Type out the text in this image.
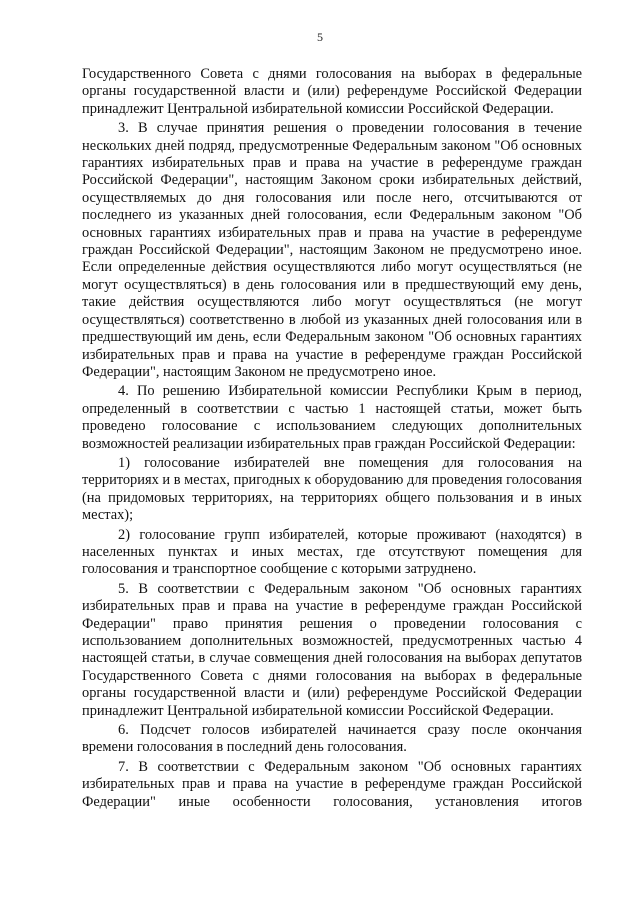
5

Государственного Совета с днями голосования на выборах в федеральные органы государственной власти и (или) референдуме Российской Федерации принадлежит Центральной избирательной комиссии Российской Федерации.

3. В случае принятия решения о проведении голосования в течение нескольких дней подряд, предусмотренные Федеральным законом "Об основных гарантиях избирательных прав и права на участие в референдуме граждан Российской Федерации", настоящим Законом сроки избирательных действий, осуществляемых до дня голосования или после него, отсчитываются от последнего из указанных дней голосования, если Федеральным законом "Об основных гарантиях избирательных прав и права на участие в референдуме граждан Российской Федерации", настоящим Законом не предусмотрено иное. Если определенные действия осуществляются либо могут осуществляться (не могут осуществляться) в день голосования или в предшествующий ему день, такие действия осуществляются либо могут осуществляться (не могут осуществляться) соответственно в любой из указанных дней голосования или в предшествующий им день, если Федеральным законом "Об основных гарантиях избирательных прав и права на участие в референдуме граждан Российской Федерации", настоящим Законом не предусмотрено иное.

4. По решению Избирательной комиссии Республики Крым в период, определенный в соответствии с частью 1 настоящей статьи, может быть проведено голосование с использованием следующих дополнительных возможностей реализации избирательных прав граждан Российской Федерации:

1) голосование избирателей вне помещения для голосования на территориях и в местах, пригодных к оборудованию для проведения голосования (на придомовых территориях, на территориях общего пользования и в иных местах);

2) голосование групп избирателей, которые проживают (находятся) в населенных пунктах и иных местах, где отсутствуют помещения для голосования и транспортное сообщение с которыми затруднено.

5. В соответствии с Федеральным законом "Об основных гарантиях избирательных прав и права на участие в референдуме граждан Российской Федерации" право принятия решения о проведении голосования с использованием дополнительных возможностей, предусмотренных частью 4 настоящей статьи, в случае совмещения дней голосования на выборах депутатов Государственного Совета с днями голосования на выборах в федеральные органы государственной власти и (или) референдуме Российской Федерации принадлежит Центральной избирательной комиссии Российской Федерации.

6. Подсчет голосов избирателей начинается сразу после окончания времени голосования в последний день голосования.

7. В соответствии с Федеральным законом "Об основных гарантиях избирательных прав и права на участие в референдуме граждан Российской Федерации" иные особенности голосования, установления итогов
